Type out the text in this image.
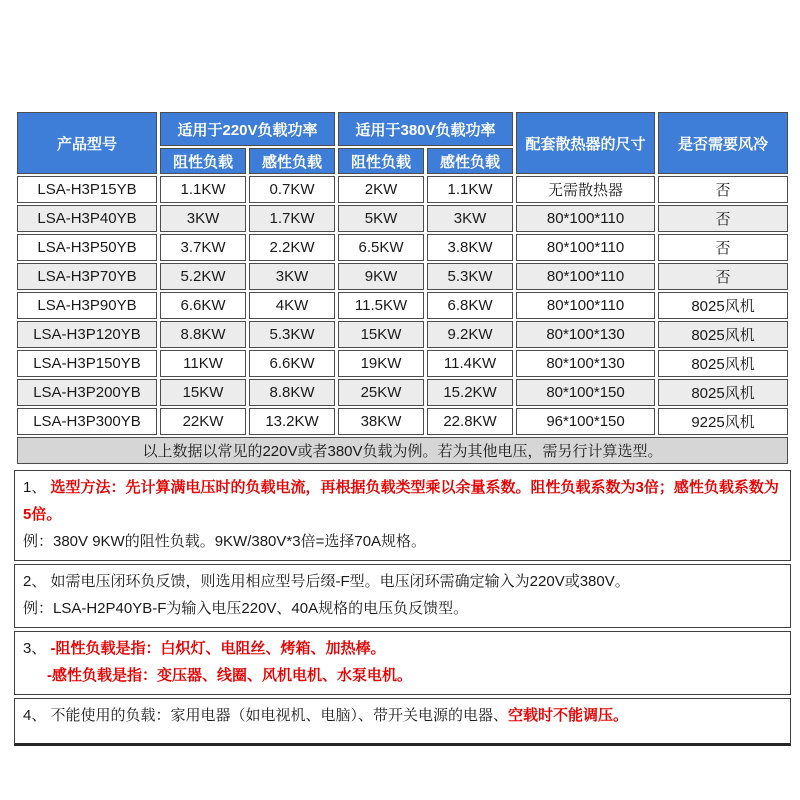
产品型号	适用于220V负载功率		适用于380V负载功率		配套散热器的尺寸	是否需要风冷
	阻性负载	感性负载	阻性负载	感性负载		
LSA-H3P15YB	1.1KW	0.7KW	2KW	1.1KW	无需散热器	否
LSA-H3P40YB	3KW	1.7KW	5KW	3KW	80*100*110	否
LSA-H3P50YB	3.7KW	2.2KW	6.5KW	3.8KW	80*100*110	否
LSA-H3P70YB	5.2KW	3KW	9KW	5.3KW	80*100*110	否
LSA-H3P90YB	6.6KW	4KW	11.5KW	6.8KW	80*100*110	8025风机
LSA-H3P120YB	8.8KW	5.3KW	15KW	9.2KW	80*100*130	8025风机
LSA-H3P150YB	11KW	6.6KW	19KW	11.4KW	80*100*130	8025风机
LSA-H3P200YB	15KW	8.8KW	25KW	15.2KW	80*100*150	8025风机
LSA-H3P300YB	22KW	13.2KW	38KW	22.8KW	96*100*150	9225风机
以上数据以常见的220V或者380V负载为例。若为其他电压，需另行计算选型。						
1、 选型方法：先计算满电压时的负载电流，再根据负载类型乘以余量系数。阻性负载系数为3倍；感性负载系数为5倍。
例：380V 9KW的阻性负载。9KW/380V*3倍=选择70A规格。
2、 如需电压闭环负反馈，则选用相应型号后缀-F型。电压闭环需确定输入为220V或380V。
例：LSA-H2P40YB-F为输入电压220V、40A规格的电压负反馈型。
3、 -阻性负载是指：白炽灯、电阻丝、烤箱、加热棒。
-感性负载是指：变压器、线圈、风机电机、水泵电机。
4、 不能使用的负载：家用电器（如电视机、电脑）、带开关电源的电器、空载时不能调压。
